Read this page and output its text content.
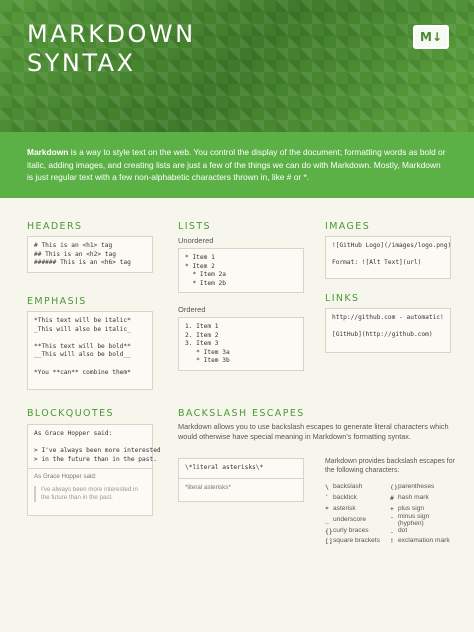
MARKDOWN
SYNTAX
M↓
Markdown is a way to style text on the web. You control the display of the document; formatting words as bold or italic, adding images, and creating lists are just a few of the things we can do with Markdown. Mostly, Markdown is just regular text with a few non-alphabetic characters thrown in, like # or *.
HEADERS
# This is an <h1> tag
## This is an <h2> tag
###### This is an <h6> tag
EMPHASIS
*This text will be italic*
_This will also be italic_

**This text will be bold**
__This will also be bold__

*You **can** combine them*
LISTS
Unordered
* Item 1
* Item 2
* Item 2a
* Item 2b
Ordered
1. Item 1
2. Item 2
3. Item 3
* Item 3a
* Item 3b
IMAGES
![GitHub Logo](/images/logo.png)

Format: ![Alt Text](url)
LINKS
http://github.com - automatic!

[GitHub](http://github.com)
BLOCKQUOTES
As Grace Hopper said:

> I've always been more interested
> in the future than in the past.
As Grace Hopper said:
I've always been more interested in the future than in the past.
BACKSLASH ESCAPES
Markdown allows you to use backslash escapes to generate literal characters which would otherwise have special meaning in Markdown's formatting syntax.
\*literal asterisks\*
*literal asterisks*
Markdown provides backslash escapes for the following characters:
\ backslash	() parentheses
` backtick	# hash mark
* asterisk	+ plus sign
_ underscore	- minus sign (hyphen)
{} curly braces	. dot
[] square brackets ! exclamation mark
